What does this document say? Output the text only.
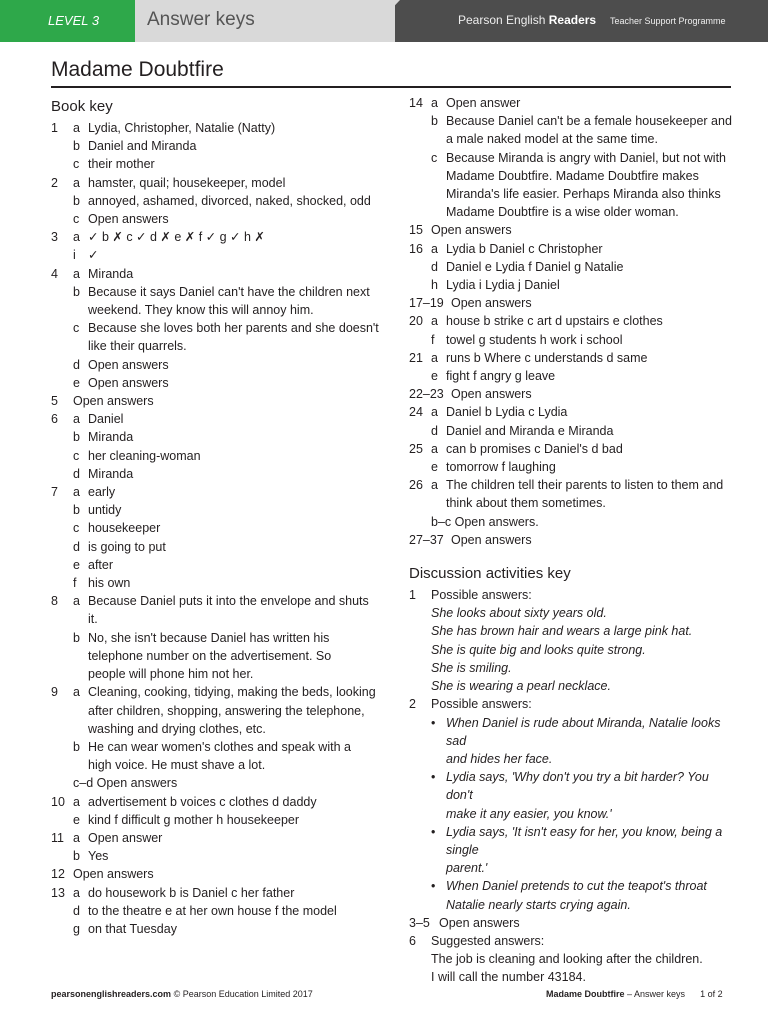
LEVEL 3	Answer keys	Pearson English Readers Teacher Support Programme
Madame Doubtfire
Book key
1	a Lydia, Christopher, Natalie (Natty)
b Daniel and Miranda
c their mother
2	a hamster, quail; housekeeper, model
b annoyed, ashamed, divorced, naked, shocked, odd
c Open answers
3	a ✓ b ✗ c ✓ d ✗ e ✗ f ✓ g ✓ h ✗
i ✓
4	a Miranda
b Because it says Daniel can't have the children next
weekend. They know this will annoy him.
c Because she loves both her parents and she doesn't
like their quarrels.
d Open answers
e Open answers
5	Open answers
6	a Daniel
b Miranda
c her cleaning-woman
d Miranda
7	a early
b untidy
c housekeeper
d is going to put
e after
f his own
8	a Because Daniel puts it into the envelope and shuts
it.
b No, she isn't because Daniel has written his
telephone number on the advertisement. So
people will phone him not her.
9	a Cleaning, cooking, tidying, making the beds, looking
after children, shopping, answering the telephone,
washing and drying clothes, etc.
b He can wear women's clothes and speak with a
high voice. He must shave a lot.
c–d Open answers
10 a advertisement b voices c clothes d daddy
e kind f difficult g mother h housekeeper
11 a Open answer
b Yes
12 Open answers
13 a do housework b is Daniel c her father
d to the theatre e at her own house f the model
g on that Tuesday
14 a Open answer
b Because Daniel can't be a female housekeeper and
a male naked model at the same time.
c Because Miranda is angry with Daniel, but not with
Madame Doubtfire. Madame Doubtfire makes
Miranda's life easier. Perhaps Miranda also thinks
Madame Doubtfire is a wise older woman.
15 Open answers
16 a Lydia b Daniel c Christopher
d Daniel e Lydia f Daniel g Natalie
h Lydia i Lydia j Daniel
17–19 Open answers
20 a house b strike c art d upstairs e clothes
f towel g students h work i school
21 a runs b Where c understands d same
e fight f angry g leave
22–23 Open answers
24 a Daniel b Lydia c Lydia
d Daniel and Miranda e Miranda
25 a can b promises c Daniel's d bad
e tomorrow f laughing
26 a The children tell their parents to listen to them and
think about them sometimes.
b–c Open answers.
27–37 Open answers
Discussion activities key
1	Possible answers:
She looks about sixty years old.
She has brown hair and wears a large pink hat.
She is quite big and looks quite strong.
She is smiling.
She is wearing a pearl necklace.
2	Possible answers:
• When Daniel is rude about Miranda, Natalie looks sad
and hides her face.
• Lydia says, 'Why don't you try a bit harder? You don't
make it any easier, you know.'
• Lydia says, 'It isn't easy for her, you know, being a single
parent.'
• When Daniel pretends to cut the teapot's throat
Natalie nearly starts crying again.
3–5 Open answers
6	Suggested answers:
The job is cleaning and looking after the children.
I will call the number 43184.
pearsonenglishreaders.com © Pearson Education Limited 2017	Madame Doubtfire – Answer keys 1 of 2
